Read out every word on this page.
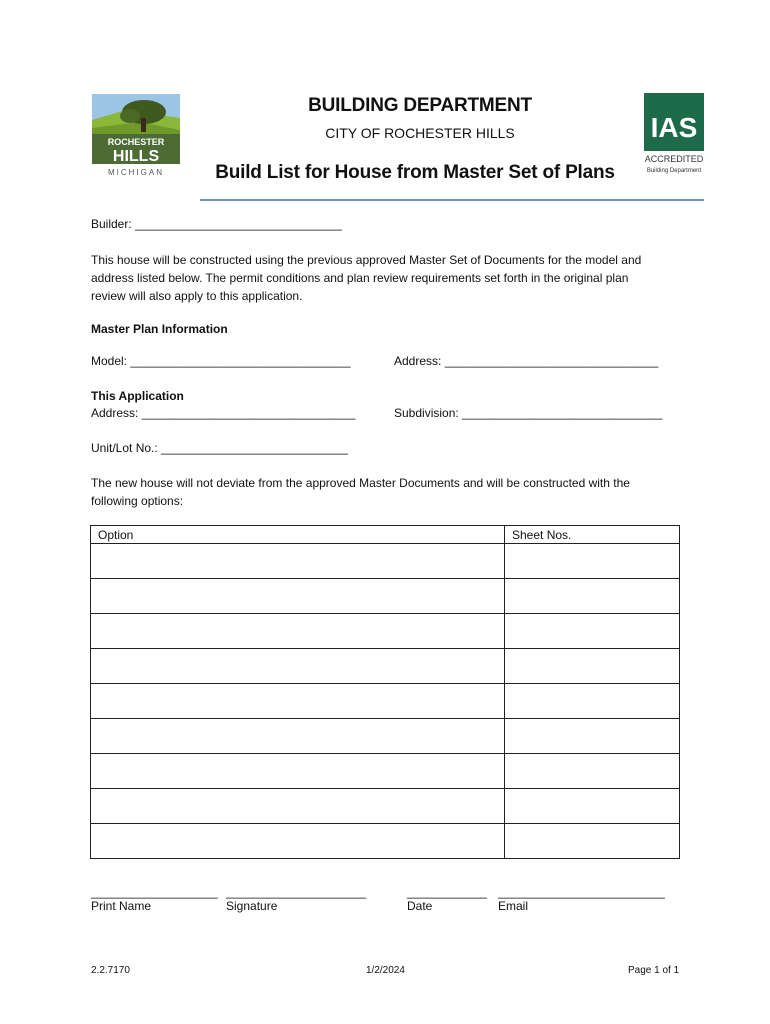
ROCHESTER
HILLS
MICHIGAN
IAS
ACCREDITED
Building Department
BUILDING DEPARTMENT
CITY OF ROCHESTER HILLS
Build List for House from Master Set of Plans
Builder: _______________________________
This house will be constructed using the previous approved Master Set of Documents for the model and
address listed below. The permit conditions and plan review requirements set forth in the original plan
review will also apply to this application.
Master Plan Information
Model: _________________________________	Address: ________________________________
This Application
Address: ________________________________	Subdivision: ______________________________
Unit/Lot No.: ____________________________
The new house will not deviate from the approved Master Documents and will be constructed with the
following options:
Option	Sheet Nos.

___________________ _____________________	____________ _________________________
Print Name	Signature	Date	Email
2.2.7170	1/2/2024	Page 1 of 1
